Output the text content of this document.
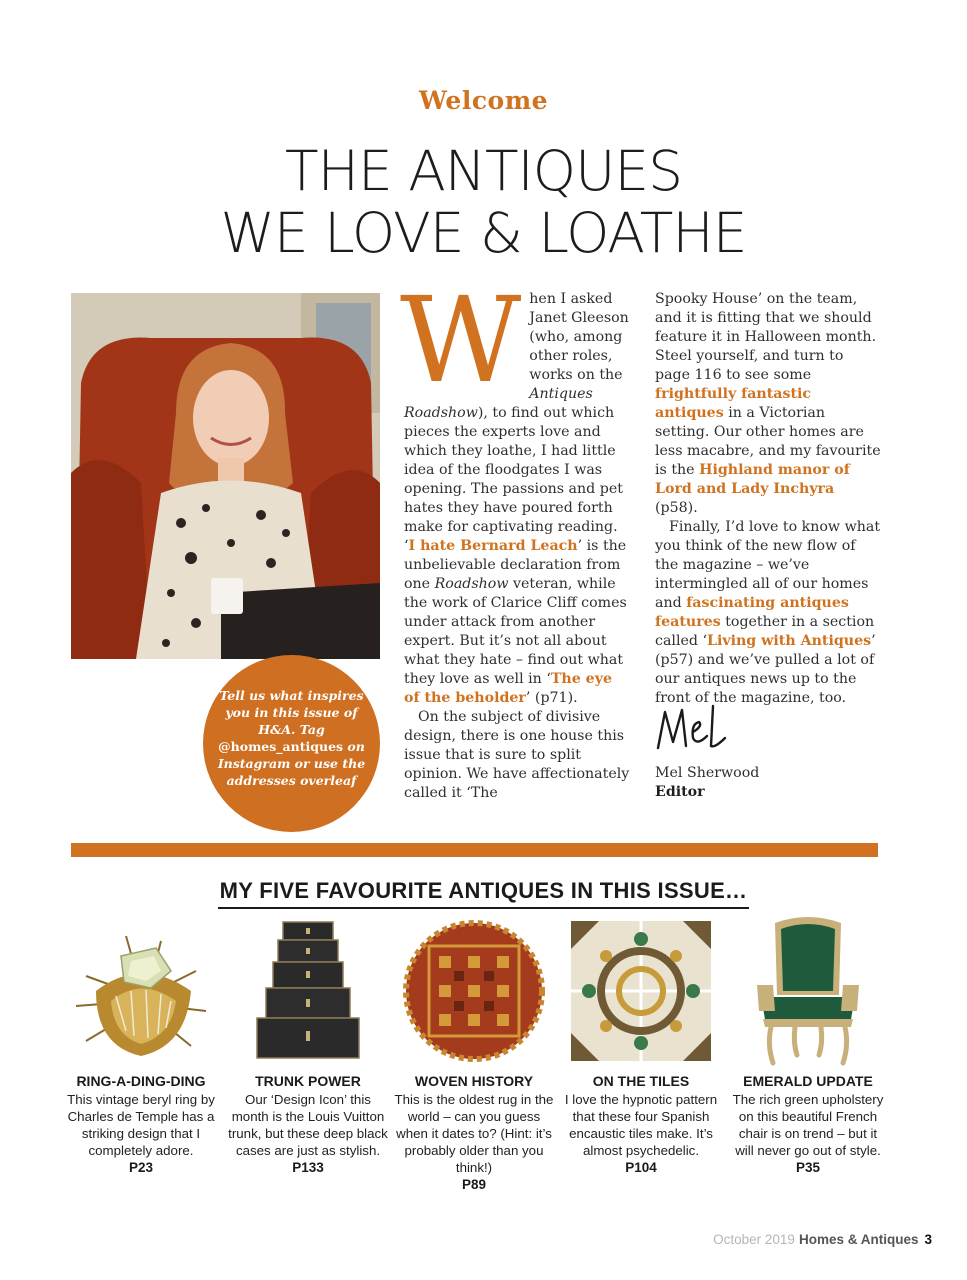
Welcome
THE ANTIQUES
WE LOVE & LOATHE
Tell us what inspires you in this issue of H&A. Tag @homes_antiques on Instagram or use the addresses overleaf

When I asked Janet Gleeson (who, among other roles, works on the Antiques Roadshow), to find out which pieces the experts love and which they loathe, I had little idea of the floodgates I was opening. The passions and pet hates they have poured forth make for captivating reading. ‘I hate Bernard Leach’ is the unbelievable declaration from one Roadshow veteran, while the work of Clarice Cliff comes under attack from another expert. But it’s not all about what they hate – find out what they love as well in ‘The eye of the beholder’ (p71).

On the subject of divisive design, there is one house this issue that is sure to split opinion. We have affectionately called it ‘The

Spooky House’ on the team, and it is fitting that we should feature it in Halloween month. Steel yourself, and turn to page 116 to see some frightfully fantastic antiques in a Victorian setting. Our other homes are less macabre, and my favourite is the Highland manor of Lord and Lady Inchyra (p58).

Finally, I’d love to know what you think of the new flow of the magazine – we’ve intermingled all of our homes and fascinating antiques features together in a section called ‘Living with Antiques’ (p57) and we’ve pulled a lot of our antiques news up to the front of the magazine, too.

Mel Sherwood
Editor
MY FIVE FAVOURITE ANTIQUES IN THIS ISSUE…
RING-A-DING-DING

This vintage beryl ring by Charles de Temple has a striking design that I completely adore.

P23

TRUNK POWER

Our ‘Design Icon’ this month is the Louis Vuitton trunk, but these deep black cases are just as stylish.

P133

WOVEN HISTORY

This is the oldest rug in the world – can you guess when it dates to? (Hint: it’s probably older than you think!)

P89

ON THE TILES

I love the hypnotic pattern that these four Spanish encaustic tiles make. It’s almost psychedelic.

P104

EMERALD UPDATE

The rich green upholstery on this beautiful French chair is on trend – but it will never go out of style.

P35

October 2019 Homes & Antiques 3
